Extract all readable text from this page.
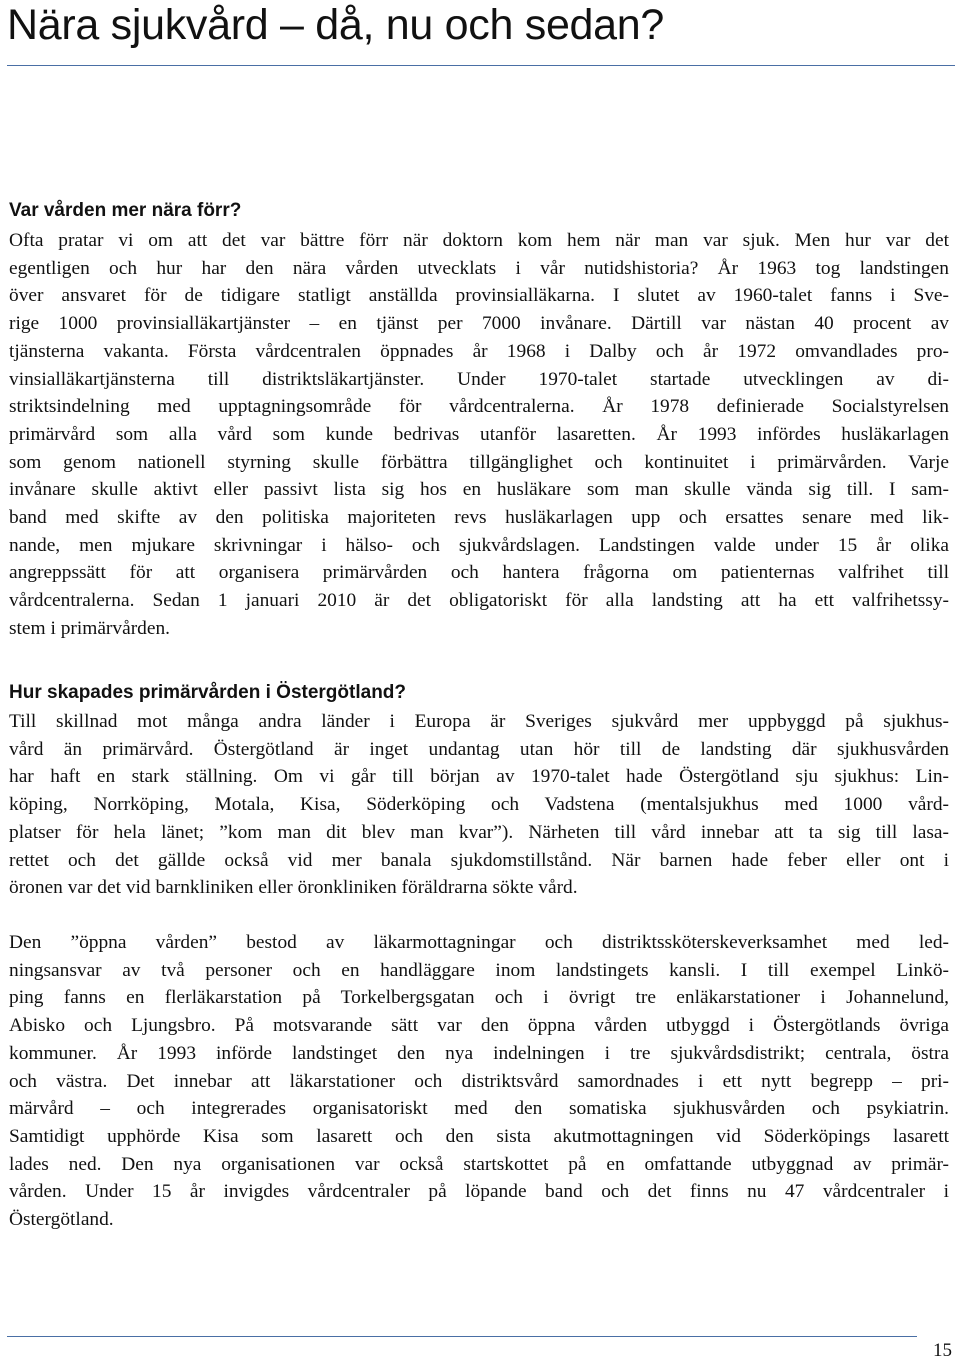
Nära sjukvård – då, nu och sedan?
Var vården mer nära förr?
Ofta pratar vi om att det var bättre förr när doktorn kom hem när man var sjuk. Men hur var det
egentligen och hur har den nära vården utvecklats i vår nutidshistoria? År 1963 tog landstingen
över ansvaret för de tidigare statligt anställda provinsialläkarna. I slutet av 1960-talet fanns i Sve-
rige 1000 provinsialläkartjänster – en tjänst per 7000 invånare. Därtill var nästan 40 procent av
tjänsterna vakanta. Första vårdcentralen öppnades år 1968 i Dalby och år 1972 omvandlades pro-
vinsialläkartjänsterna till distriktsläkartjänster. Under 1970-talet startade utvecklingen av di-
striktsindelning med upptagningsområde för vårdcentralerna. År 1978 definierade Socialstyrelsen
primärvård som alla vård som kunde bedrivas utanför lasaretten. År 1993 infördes husläkarlagen
som genom nationell styrning skulle förbättra tillgänglighet och kontinuitet i primärvården. Varje
invånare skulle aktivt eller passivt lista sig hos en husläkare som man skulle vända sig till. I sam-
band med skifte av den politiska majoriteten revs husläkarlagen upp och ersattes senare med lik-
nande, men mjukare skrivningar i hälso- och sjukvårdslagen. Landstingen valde under 15 år olika
angreppssätt för att organisera primärvården och hantera frågorna om patienternas valfrihet till
vårdcentralerna. Sedan 1 januari 2010 är det obligatoriskt för alla landsting att ha ett valfrihetssy-
stem i primärvården.
Hur skapades primärvården i Östergötland?
Till skillnad mot många andra länder i Europa är Sveriges sjukvård mer uppbyggd på sjukhus-
vård än primärvård. Östergötland är inget undantag utan hör till de landsting där sjukhusvården
har haft en stark ställning. Om vi går till början av 1970-talet hade Östergötland sju sjukhus: Lin-
köping, Norrköping, Motala, Kisa, Söderköping och Vadstena (mentalsjukhus med 1000 vård-
platser för hela länet; ”kom man dit blev man kvar”). Närheten till vård innebar att ta sig till lasa-
rettet och det gällde också vid mer banala sjukdomstillstånd. När barnen hade feber eller ont i
öronen var det vid barnkliniken eller öronkliniken föräldrarna sökte vård.
Den ”öppna vården” bestod av läkarmottagningar och distriktssköterskeverksamhet med led-
ningsansvar av två personer och en handläggare inom landstingets kansli. I till exempel Linkö-
ping fanns en flerläkarstation på Torkelbergsgatan och i övrigt tre enläkarstationer i Johannelund,
Abisko och Ljungsbro. På motsvarande sätt var den öppna vården utbyggd i Östergötlands övriga
kommuner. År 1993 införde landstinget den nya indelningen i tre sjukvårdsdistrikt; centrala, östra
och västra. Det innebar att läkarstationer och distriktsvård samordnades i ett nytt begrepp – pri-
märvård – och integrerades organisatoriskt med den somatiska sjukhusvården och psykiatrin.
Samtidigt upphörde Kisa som lasarett och den sista akutmottagningen vid Söderköpings lasarett
lades ned. Den nya organisationen var också startskottet på en omfattande utbyggnad av primär-
vården. Under 15 år invigdes vårdcentraler på löpande band och det finns nu 47 vårdcentraler i
Östergötland.
15
